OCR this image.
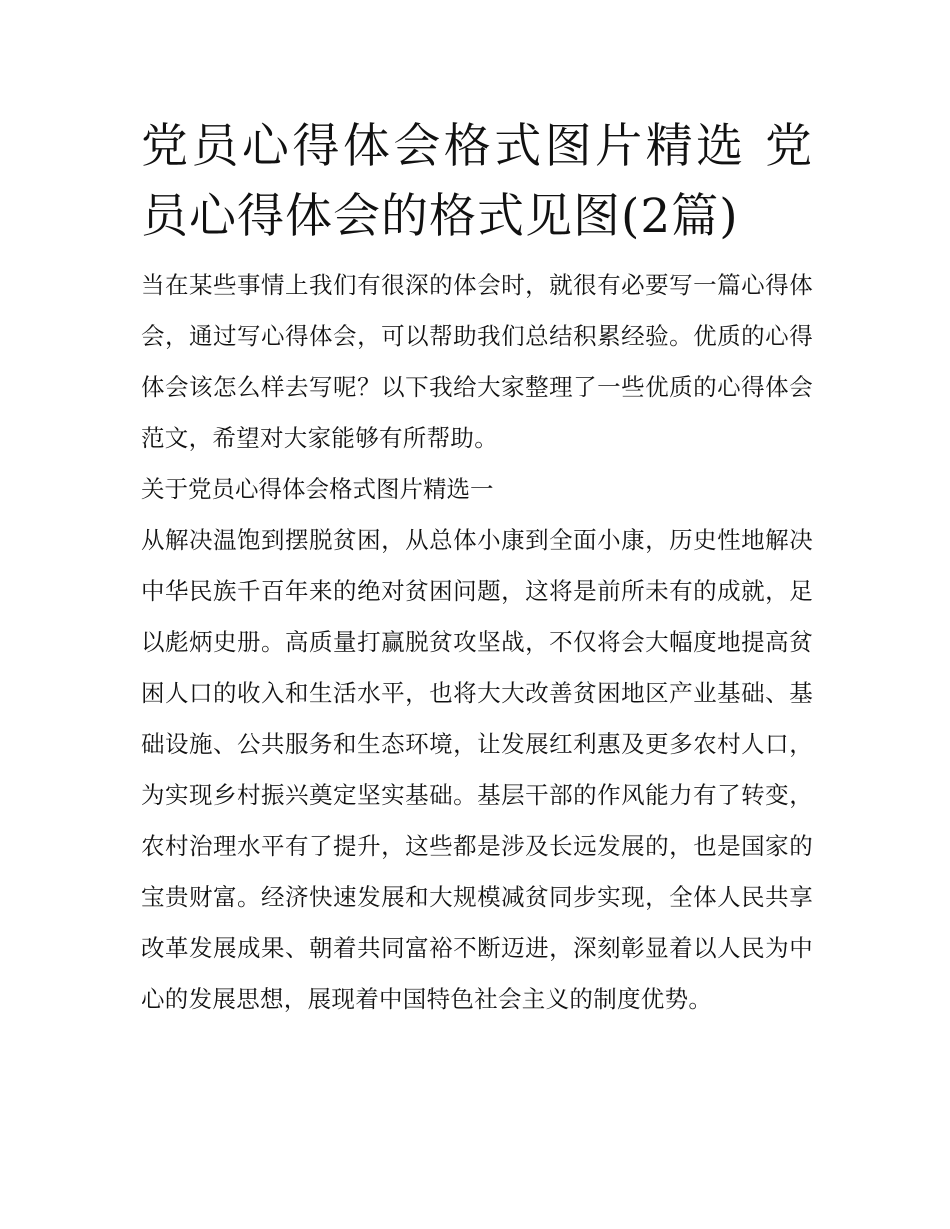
党员心得体会格式图片精选 党员心得体会的格式见图(2篇)

当在某些事情上我们有很深的体会时，就很有必要写一篇心得体会，通过写心得体会，可以帮助我们总结积累经验。优质的心得体会该怎么样去写呢？以下我给大家整理了一些优质的心得体会范文，希望对大家能够有所帮助。

关于党员心得体会格式图片精选一

从解决温饱到摆脱贫困，从总体小康到全面小康，历史性地解决中华民族千百年来的绝对贫困问题，这将是前所未有的成就，足以彪炳史册。高质量打赢脱贫攻坚战，不仅将会大幅度地提高贫困人口的收入和生活水平，也将大大改善贫困地区产业基础、基础设施、公共服务和生态环境，让发展红利惠及更多农村人口，为实现乡村振兴奠定坚实基础。基层干部的作风能力有了转变，农村治理水平有了提升，这些都是涉及长远发展的，也是国家的宝贵财富。经济快速发展和大规模减贫同步实现，全体人民共享改革发展成果、朝着共同富裕不断迈进，深刻彰显着以人民为中心的发展思想，展现着中国特色社会主义的制度优势。
